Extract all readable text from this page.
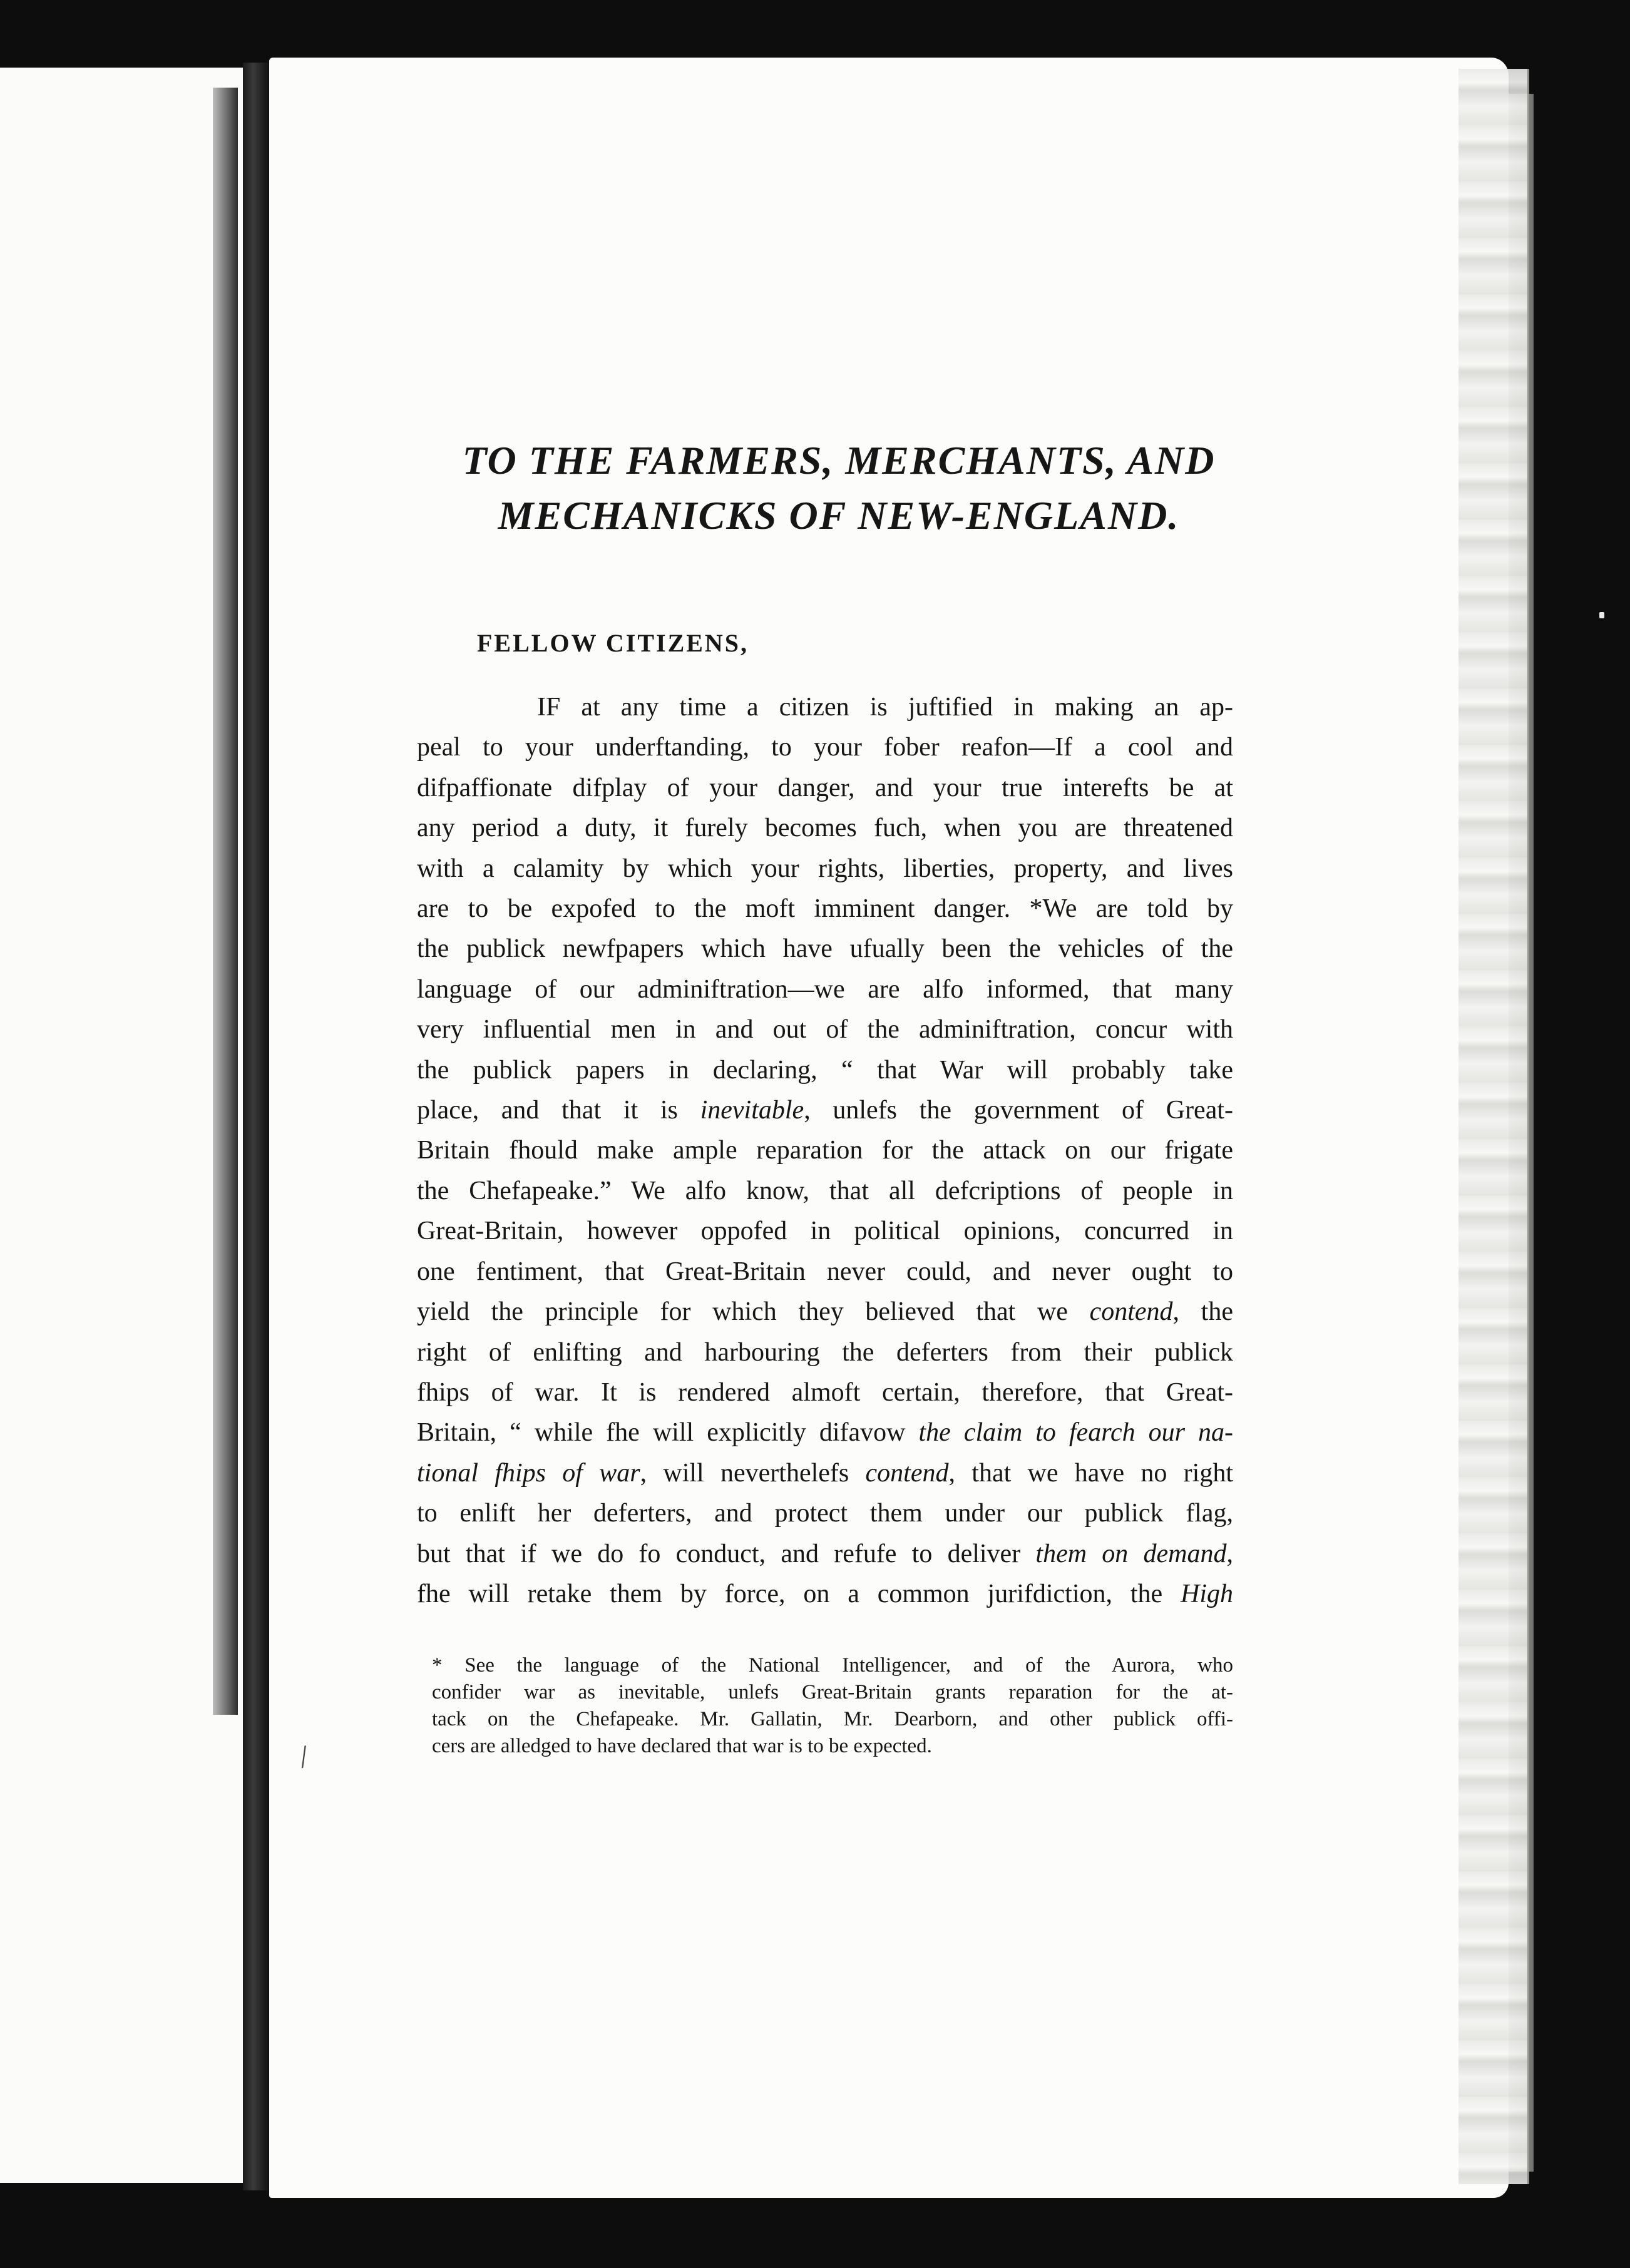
/
TO THE FARMERS, MERCHANTS, AND
MECHANICKS OF NEW-ENGLAND.

FELLOW CITIZENS,

IF at any time a citizen is juftified in making an ap-
peal to your underftanding, to your fober reafon—If a cool and
difpaffionate difplay of your danger, and your true interefts be at
any period a duty, it furely becomes fuch, when you are threatened
with a calamity by which your rights, liberties, property, and lives
are to be expofed to the moft imminent danger. *We are told by
the publick newfpapers which have ufually been the vehicles of the
language of our adminiftration—we are alfo informed, that many
very influential men in and out of the adminiftration, concur with
the publick papers in declaring, “ that War will probably take
place, and that it is inevitable, unlefs the government of Great-
Britain fhould make ample reparation for the attack on our frigate
the Chefapeake.” We alfo know, that all defcriptions of people in
Great-Britain, however oppofed in political opinions, concurred in
one fentiment, that Great-Britain never could, and never ought to
yield the principle for which they believed that we contend, the
right of enlifting and harbouring the deferters from their publick
fhips of war. It is rendered almoft certain, therefore, that Great-
Britain, “ while fhe will explicitly difavow the claim to fearch our na-
tional fhips of war, will neverthelefs contend, that we have no right
to enlift her deferters, and protect them under our publick flag,
but that if we do fo conduct, and refufe to deliver them on demand,
fhe will retake them by force, on a common jurifdiction, the High
* See the language of the National Intelligencer, and of the Aurora, who
confider war as inevitable, unlefs Great-Britain grants reparation for the at-
tack on the Chefapeake. Mr. Gallatin, Mr. Dearborn, and other publick offi-
cers are alledged to have declared that war is to be expected.
